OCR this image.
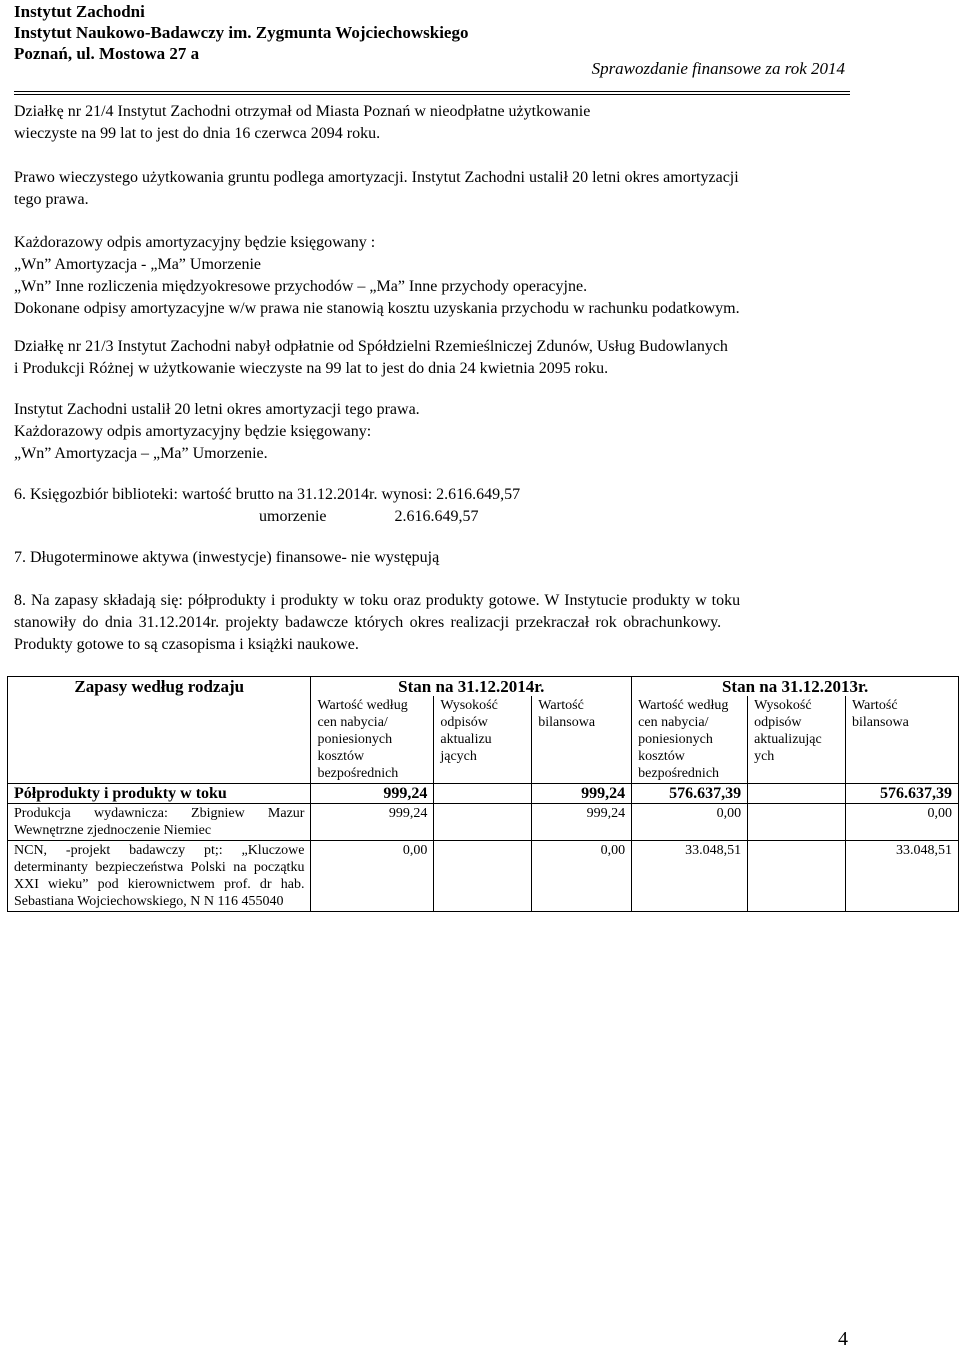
Instytut Zachodni
Instytut Naukowo-Badawczy im. Zygmunta Wojciechowskiego
Poznań, ul. Mostowa 27 a
Sprawozdanie finansowe za rok 2014
Działkę nr 21/4 Instytut Zachodni otrzymał od Miasta Poznań w nieodpłatne użytkowanie
wieczyste na 99 lat to jest do dnia 16 czerwca 2094 roku.
Prawo wieczystego użytkowania gruntu podlega amortyzacji. Instytut Zachodni ustalił 20 letni okres amortyzacji
tego prawa.
Każdorazowy odpis amortyzacyjny będzie księgowany :
„Wn” Amortyzacja - „Ma” Umorzenie
„Wn” Inne rozliczenia międzyokresowe przychodów – „Ma” Inne przychody operacyjne.
Dokonane odpisy amortyzacyjne w/w prawa nie stanowią kosztu uzyskania przychodu w rachunku podatkowym.
Działkę nr 21/3 Instytut Zachodni nabył odpłatnie od Spółdzielni Rzemieślniczej Zdunów, Usług Budowlanych
i Produkcji Różnej w użytkowanie wieczyste na 99 lat to jest do dnia 24 kwietnia 2095 roku.
Instytut Zachodni ustalił 20 letni okres amortyzacji tego prawa.
Każdorazowy odpis amortyzacyjny będzie księgowany:
„Wn” Amortyzacja – „Ma” Umorzenie.
6. Księgozbiór biblioteki: wartość brutto na 31.12.2014r. wynosi: 2.616.649,57
umorzenie	2.616.649,57
7. Długoterminowe aktywa (inwestycje) finansowe- nie występują
8. Na zapasy składają się: półprodukty i produkty w toku oraz produkty gotowe. W Instytucie produkty w toku
stanowiły do dnia 31.12.2014r. projekty badawcze których okres realizacji przekraczał rok obrachunkowy.
Produkty gotowe to są czasopisma i książki naukowe.
Zapasy według rodzaju	Stan na 31.12.2014r.			Stan na 31.12.2013r.		
	Wartość według cen nabycia/ poniesionych kosztów bezpośrednich	Wysokość odpisów aktualizu jących	Wartość bilansowa	Wartość według cen nabycia/ poniesionych kosztów bezpośrednich	Wysokość odpisów aktualizując ych	Wartość bilansowa
Półprodukty i produkty w toku	999,24		999,24	576.637,39		576.637,39
Produkcja wydawnicza: Zbigniew Mazur Wewnętrzne zjednoczenie Niemiec	999,24		999,24	0,00		0,00
NCN, -projekt badawczy pt;: „Kluczowe determinanty bezpieczeństwa Polski na początku XXI wieku” pod kierownictwem prof. dr hab. Sebastiana Wojciechowskiego, N N 116 455040	0,00		0,00	33.048,51		33.048,51
4
